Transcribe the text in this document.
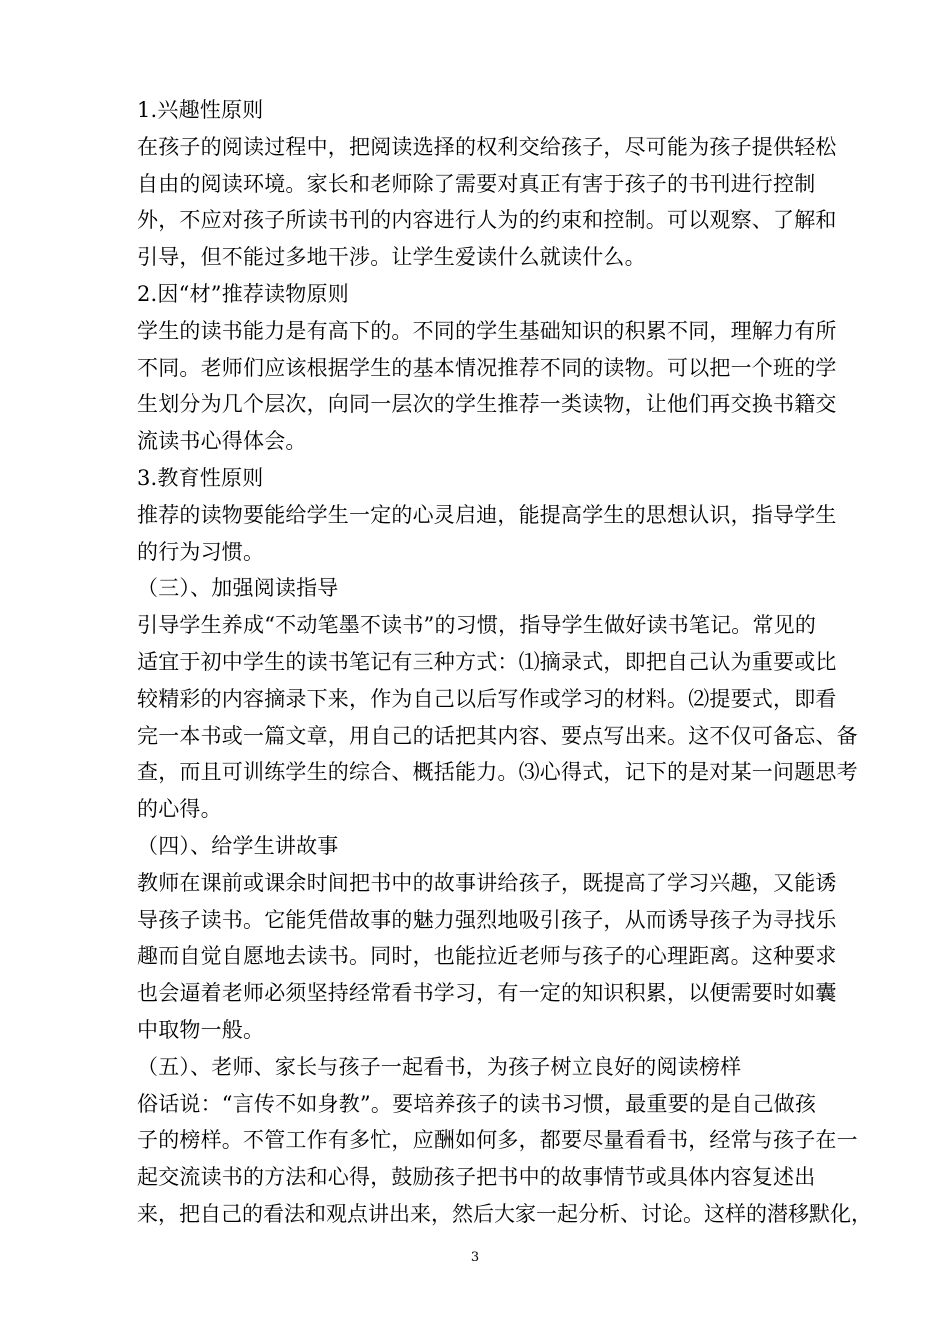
1.兴趣性原则
在孩子的阅读过程中，把阅读选择的权利交给孩子，尽可能为孩子提供轻松
自由的阅读环境。家长和老师除了需要对真正有害于孩子的书刊进行控制
外，不应对孩子所读书刊的内容进行人为的约束和控制。可以观察、了解和
引导，但不能过多地干涉。让学生爱读什么就读什么。
2.因“材”推荐读物原则
学生的读书能力是有高下的。不同的学生基础知识的积累不同，理解力有所
不同。老师们应该根据学生的基本情况推荐不同的读物。可以把一个班的学
生划分为几个层次，向同一层次的学生推荐一类读物，让他们再交换书籍交
流读书心得体会。
3.教育性原则
推荐的读物要能给学生一定的心灵启迪，能提高学生的思想认识，指导学生
的行为习惯。
（三）、加强阅读指导
引导学生养成“不动笔墨不读书”的习惯，指导学生做好读书笔记。常见的
适宜于初中学生的读书笔记有三种方式：⑴摘录式，即把自己认为重要或比
较精彩的内容摘录下来，作为自己以后写作或学习的材料。⑵提要式，即看
完一本书或一篇文章，用自己的话把其内容、要点写出来。这不仅可备忘、备
查，而且可训练学生的综合、概括能力。⑶心得式，记下的是对某一问题思考
的心得。
（四）、给学生讲故事
教师在课前或课余时间把书中的故事讲给孩子，既提高了学习兴趣，又能诱
导孩子读书。它能凭借故事的魅力强烈地吸引孩子，从而诱导孩子为寻找乐
趣而自觉自愿地去读书。同时，也能拉近老师与孩子的心理距离。这种要求
也会逼着老师必须坚持经常看书学习，有一定的知识积累，以便需要时如囊
中取物一般。
（五）、老师、家长与孩子一起看书，为孩子树立良好的阅读榜样
俗话说：“言传不如身教”。要培养孩子的读书习惯，最重要的是自己做孩
子的榜样。不管工作有多忙，应酬如何多，都要尽量看看书，经常与孩子在一
起交流读书的方法和心得，鼓励孩子把书中的故事情节或具体内容复述出
来，把自己的看法和观点讲出来，然后大家一起分析、讨论。这样的潜移默化，
3
